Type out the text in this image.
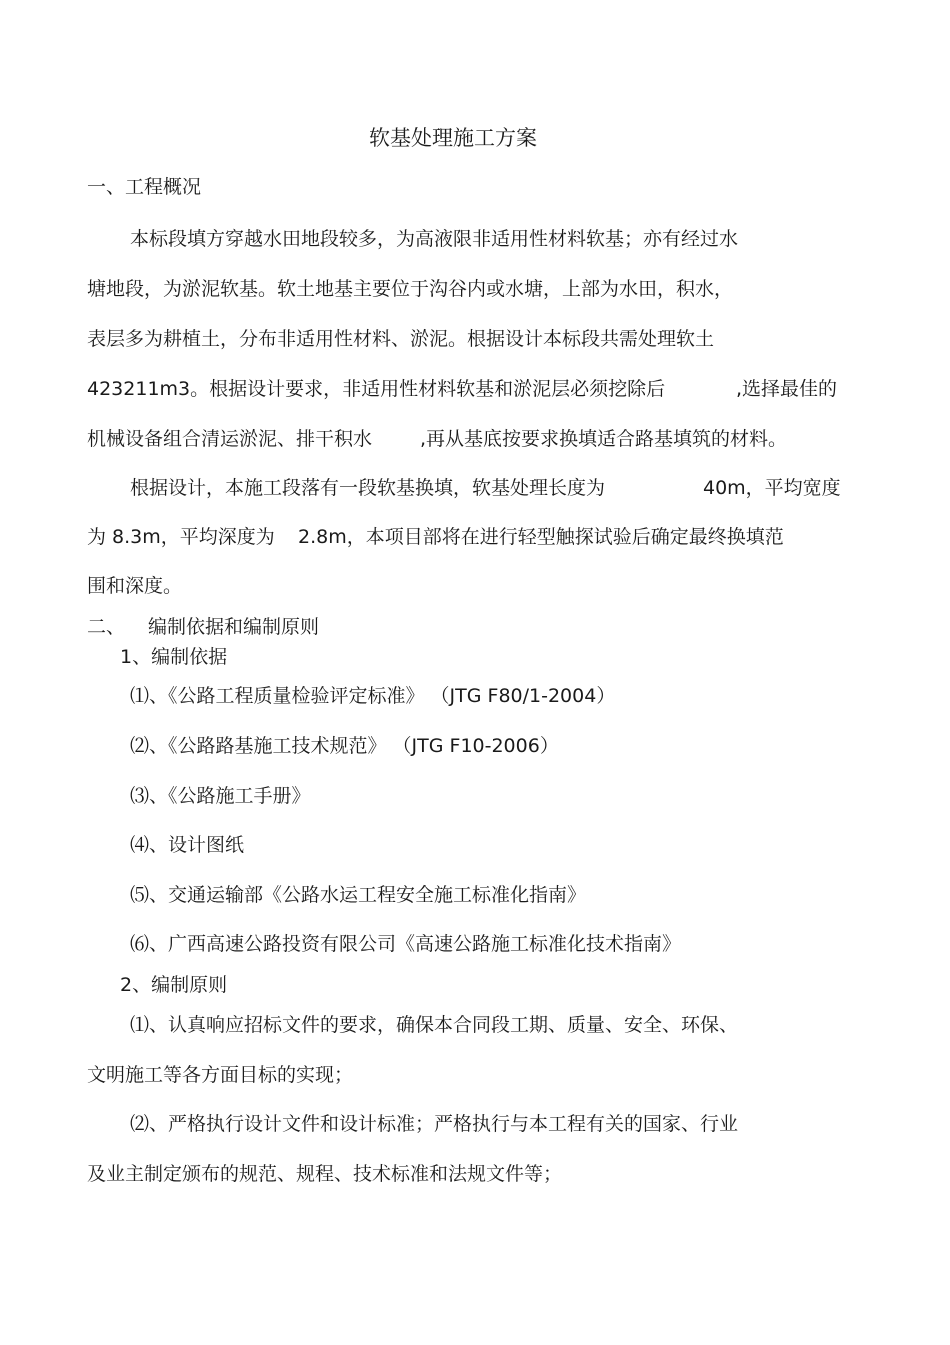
软基处理施工方案
一、工程概况
本标段填方穿越水田地段较多，为高液限非适用性材料软基；亦有经过水
塘地段，为淤泥软基。软土地基主要位于沟谷内或水塘，上部为水田，积水，
表层多为耕植土，分布非适用性材料、淤泥。根据设计本标段共需处理软土
423211m3。根据设计要求，非适用性材料软基和淤泥层必须挖除后	,选择最佳的
机械设备组合清运淤泥、排干积水	,再从基底按要求换填适合路基填筑的材料。
根据设计，本施工段落有一段软基换填，软基处理长度为	40m，平均宽度
为 8.3m，平均深度为 2.8m，本项目部将在进行轻型触探试验后确定最终换填范
围和深度。
二、 编制依据和编制原则
1、编制依据
⑴、《公路工程质量检验评定标准》 （JTG F80/1-2004）
⑵、《公路路基施工技术规范》 （JTG F10-2006）
⑶、《公路施工手册》
⑷、设计图纸
⑸、交通运输部《公路水运工程安全施工标准化指南》
⑹、广西高速公路投资有限公司《高速公路施工标准化技术指南》
2、编制原则
⑴、认真响应招标文件的要求，确保本合同段工期、质量、安全、环保、
文明施工等各方面目标的实现；
⑵、严格执行设计文件和设计标准；严格执行与本工程有关的国家、行业
及业主制定颁布的规范、规程、技术标准和法规文件等；
